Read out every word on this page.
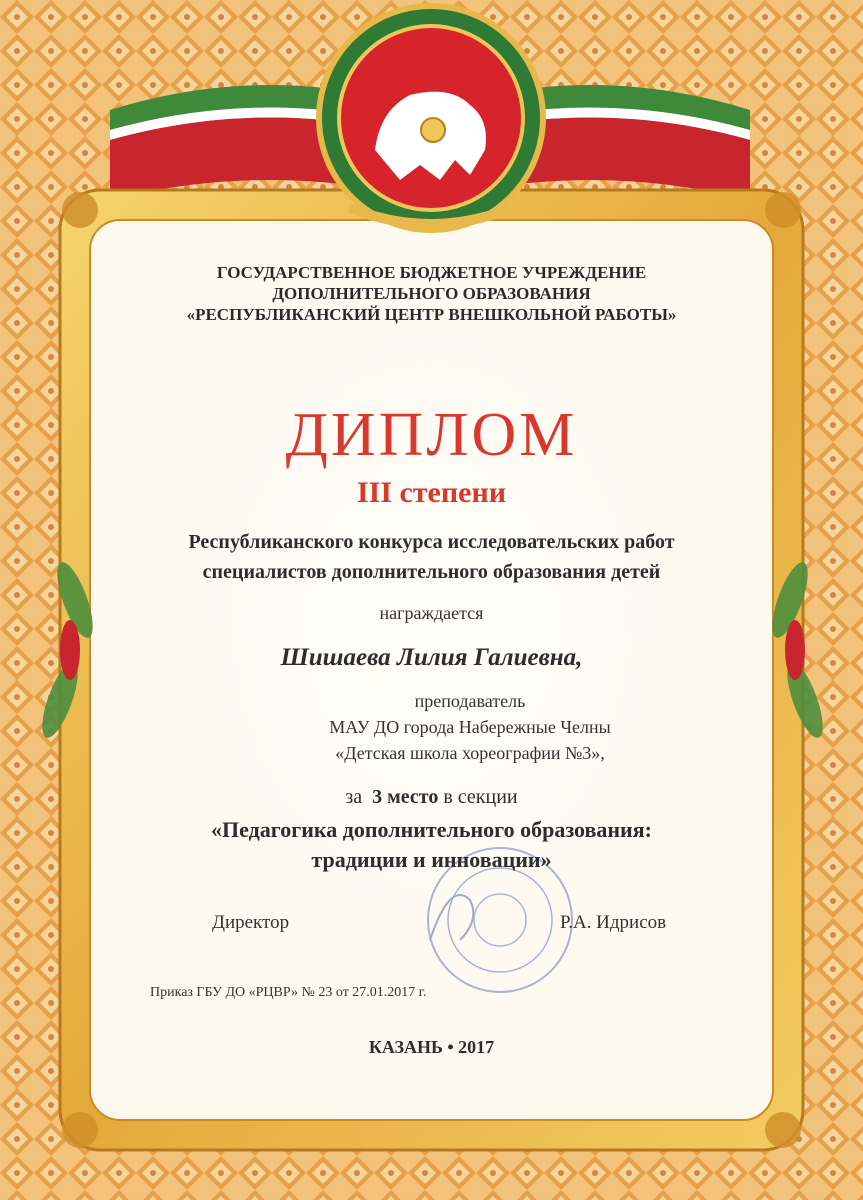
ГОСУДАРСТВЕННОЕ БЮДЖЕТНОЕ УЧРЕЖДЕНИЕ
ДОПОЛНИТЕЛЬНОГО ОБРАЗОВАНИЯ
«РЕСПУБЛИКАНСКИЙ ЦЕНТР ВНЕШКОЛЬНОЙ РАБОТЫ»
ДИПЛОМ
III степени
Республиканского конкурса исследовательских работ
специалистов дополнительного образования детей
награждается
Шишаева Лилия Галиевна,
преподаватель
МАУ ДО города Набережные Челны
«Детская школа хореографии №3»,
за 3 место в секции
«Педагогика дополнительного образования:
традиции и инновации»
Директор	Р.А. Идрисов
Приказ ГБУ ДО «РЦВР» № 23 от 27.01.2017 г.
КАЗАНЬ • 2017
